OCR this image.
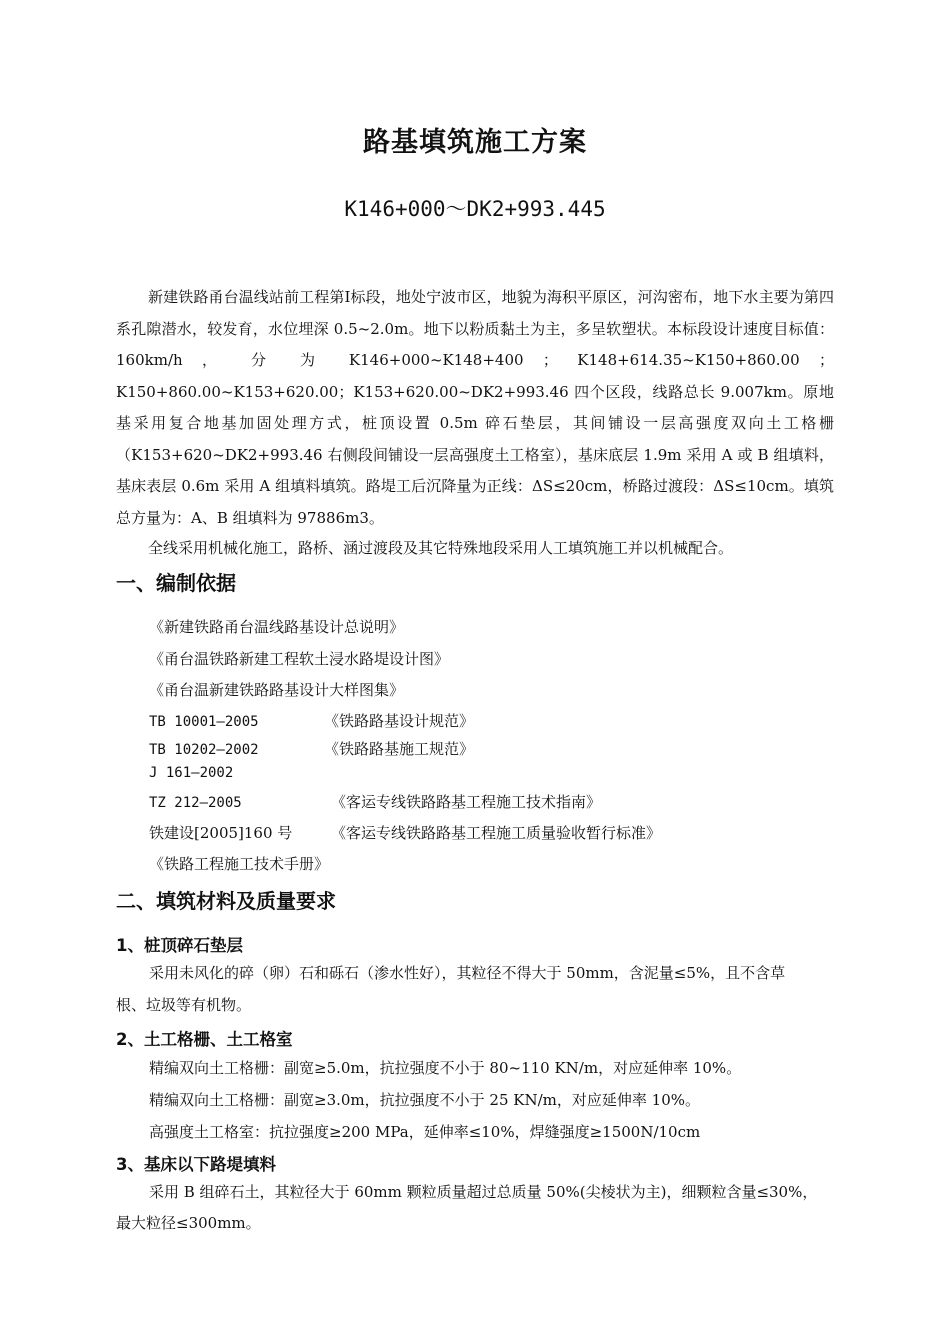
路基填筑施工方案
K146+000～DK2+993.445

新建铁路甬台温线站前工程第Ⅰ标段，地处宁波市区，地貌为海积平原区，河沟密布，地下水主要为第四系孔隙潜水，较发育，水位埋深 0.5~2.0m。地下以粉质黏土为主，多呈软塑状。本标段设计速度目标值： 160km/h ， 分 为 K146+000~K148+400 ； K148+614.35~K150+860.00 ；K150+860.00~K153+620.00；K153+620.00~DK2+993.46 四个区段，线路总长 9.007km。原地基采用复合地基加固处理方式，桩顶设置 0.5m 碎石垫层，其间铺设一层高强度双向土工格栅（K153+620~DK2+993.46 右侧段间铺设一层高强度土工格室），基床底层 1.9m 采用 A 或 B 组填料，基床表层 0.6m 采用 A 组填料填筑。路堤工后沉降量为正线：ΔS≤20cm，桥路过渡段：ΔS≤10cm。填筑总方量为：A、B 组填料为 97886m3。

全线采用机械化施工，路桥、涵过渡段及其它特殊地段采用人工填筑施工并以机械配合。

一、编制依据
《新建铁路甬台温线路基设计总说明》
《甬台温铁路新建工程软土浸水路堤设计图》
《甬台温新建铁路路基设计大样图集》
TB 10001—2005	《铁路路基设计规范》
TB 10202—2002	《铁路路基施工规范》
J 161—2002
TZ 212—2005	《客运专线铁路路基工程施工技术指南》
铁建设[2005]160 号	《客运专线铁路路基工程施工质量验收暂行标准》
《铁路工程施工技术手册》
二、填筑材料及质量要求
1、桩顶碎石垫层
采用未风化的碎（卵）石和砾石（渗水性好），其粒径不得大于 50mm，含泥量≤5%，且不含草
根、垃圾等有机物。
2、土工格栅、土工格室
精编双向土工格栅：副宽≥5.0m，抗拉强度不小于 80~110 KN/m，对应延伸率 10%。
精编双向土工格栅：副宽≥3.0m，抗拉强度不小于 25 KN/m，对应延伸率 10%。
高强度土工格室：抗拉强度≥200 MPa，延伸率≤10%，焊缝强度≥1500N/10cm
3、基床以下路堤填料
采用 B 组碎石土，其粒径大于 60mm 颗粒质量超过总质量 50%(尖棱状为主)，细颗粒含量≤30%，
最大粒径≤300mm。
